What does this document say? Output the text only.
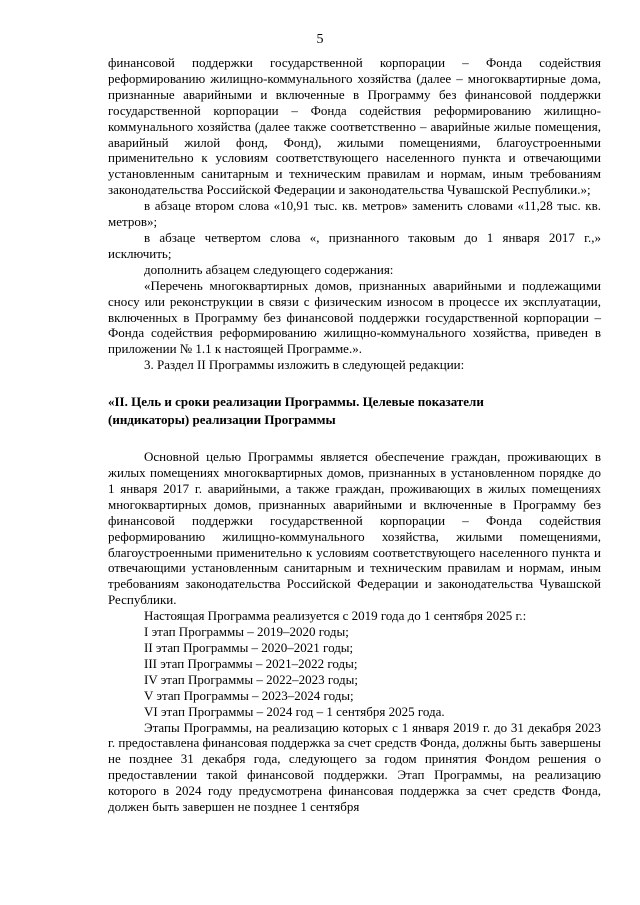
5

финансовой поддержки государственной корпорации – Фонда содействия реформированию жилищно-коммунального хозяйства (далее – многоквартирные дома, признанные аварийными и включенные в Программу без финансовой поддержки государственной корпорации – Фонда содействия реформированию жилищно-коммунального хозяйства (далее также соответственно – аварийные жилые помещения, аварийный жилой фонд, Фонд), жилыми помещениями, благоустроенными применительно к условиям соответствующего населенного пункта и отвечающими установленным санитарным и техническим правилам и нормам, иным требованиям законодательства Российской Федерации и законодательства Чувашской Республики.»;

в абзаце втором слова «10,91 тыс. кв. метров» заменить словами «11,28 тыс. кв. метров»;

в абзаце четвертом слова «, признанного таковым до 1 января 2017 г.,» исключить;

дополнить абзацем следующего содержания:

«Перечень многоквартирных домов, признанных аварийными и подлежащими сносу или реконструкции в связи с физическим износом в процессе их эксплуатации, включенных в Программу без финансовой поддержки государственной корпорации – Фонда содействия реформированию жилищно-коммунального хозяйства, приведен в приложении № 1.1 к настоящей Программе.».

3. Раздел II Программы изложить в следующей редакции:

«II. Цель и сроки реализации Программы. Целевые показатели
(индикаторы) реализации Программы

Основной целью Программы является обеспечение граждан, проживающих в жилых помещениях многоквартирных домов, признанных в установленном порядке до 1 января 2017 г. аварийными, а также граждан, проживающих в жилых помещениях многоквартирных домов, признанных аварийными и включенные в Программу без финансовой поддержки государственной корпорации – Фонда содействия реформированию жилищно-коммунального хозяйства, жилыми помещениями, благоустроенными применительно к условиям соответствующего населенного пункта и отвечающими установленным санитарным и техническим правилам и нормам, иным требованиям законодательства Российской Федерации и законодательства Чувашской Республики.

Настоящая Программа реализуется с 2019 года до 1 сентября 2025 г.:

I этап Программы – 2019–2020 годы;

II этап Программы – 2020–2021 годы;

III этап Программы – 2021–2022 годы;

IV этап Программы – 2022–2023 годы;

V этап Программы – 2023–2024 годы;

VI этап Программы – 2024 год – 1 сентября 2025 года.

Этапы Программы, на реализацию которых с 1 января 2019 г. до 31 декабря 2023 г. предоставлена финансовая поддержка за счет средств Фонда, должны быть завершены не позднее 31 декабря года, следующего за годом принятия Фондом решения о предоставлении такой финансовой поддержки. Этап Программы, на реализацию которого в 2024 году предусмотрена финансовая поддержка за счет средств Фонда, должен быть завершен не позднее 1 сентября
